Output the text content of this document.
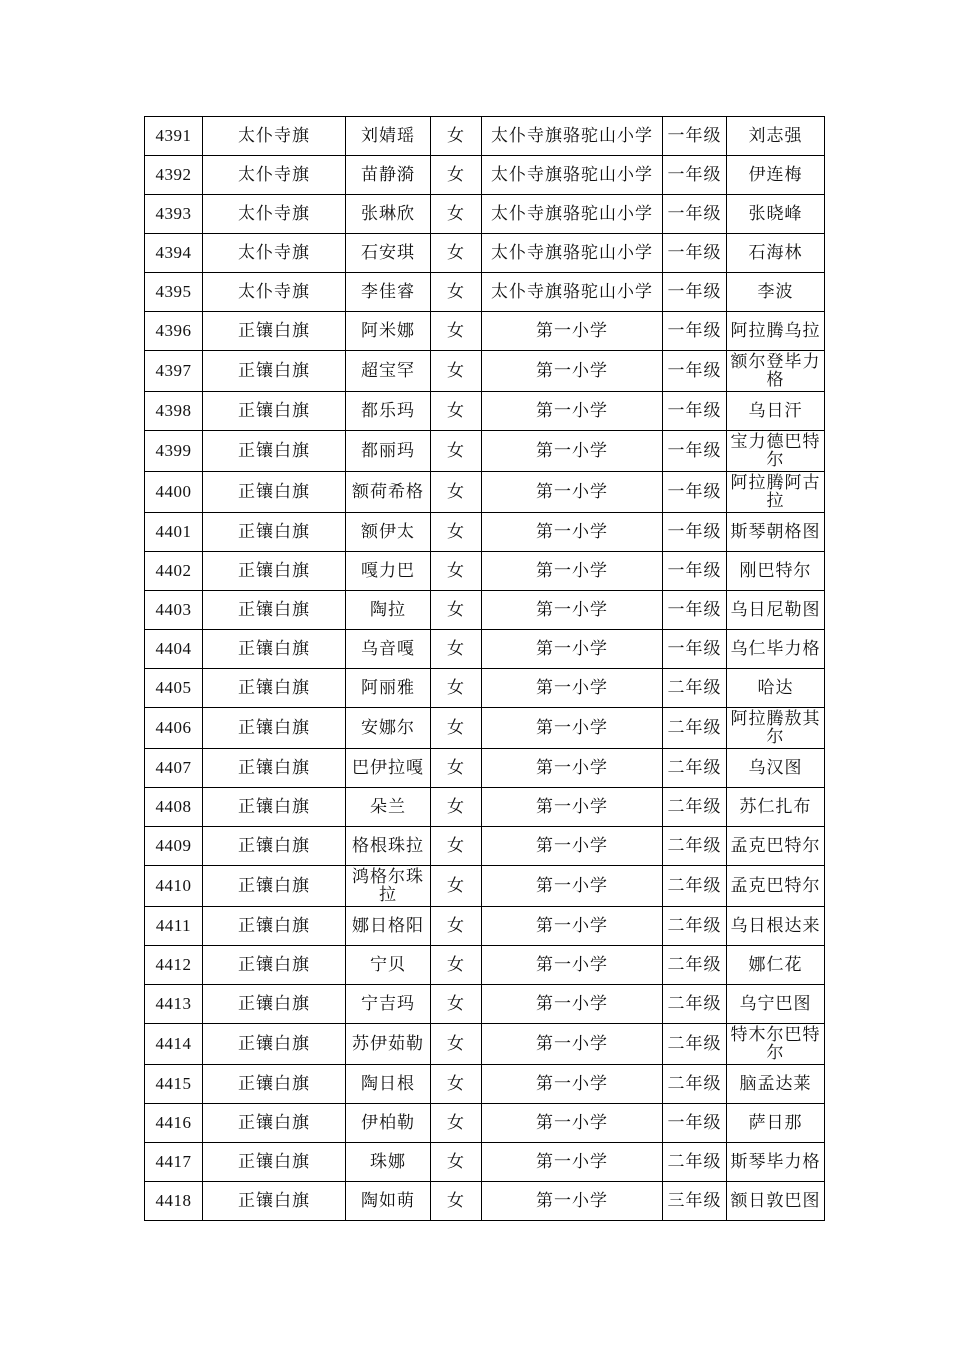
4391	太仆寺旗	刘婧瑶	女	太仆寺旗骆驼山小学	一年级	刘志强
4392	太仆寺旗	苗静漪	女	太仆寺旗骆驼山小学	一年级	伊连梅
4393	太仆寺旗	张琳欣	女	太仆寺旗骆驼山小学	一年级	张晓峰
4394	太仆寺旗	石安琪	女	太仆寺旗骆驼山小学	一年级	石海林
4395	太仆寺旗	李佳睿	女	太仆寺旗骆驼山小学	一年级	李波
4396	正镶白旗	阿米娜	女	第一小学	一年级	阿拉腾乌拉
4397	正镶白旗	超宝罕	女	第一小学	一年级	额尔登毕力格
4398	正镶白旗	都乐玛	女	第一小学	一年级	乌日汗
4399	正镶白旗	都丽玛	女	第一小学	一年级	宝力德巴特尔
4400	正镶白旗	额荷希格	女	第一小学	一年级	阿拉腾阿古拉
4401	正镶白旗	额伊太	女	第一小学	一年级	斯琴朝格图
4402	正镶白旗	嘎力巴	女	第一小学	一年级	刚巴特尔
4403	正镶白旗	陶拉	女	第一小学	一年级	乌日尼勒图
4404	正镶白旗	乌音嘎	女	第一小学	一年级	乌仁毕力格
4405	正镶白旗	阿丽雅	女	第一小学	二年级	哈达
4406	正镶白旗	安娜尔	女	第一小学	二年级	阿拉腾敖其尔
4407	正镶白旗	巴伊拉嘎	女	第一小学	二年级	乌汉图
4408	正镶白旗	朵兰	女	第一小学	二年级	苏仁扎布
4409	正镶白旗	格根珠拉	女	第一小学	二年级	孟克巴特尔
4410	正镶白旗	鸿格尔珠拉	女	第一小学	二年级	孟克巴特尔
4411	正镶白旗	娜日格阳	女	第一小学	二年级	乌日根达来
4412	正镶白旗	宁贝	女	第一小学	二年级	娜仁花
4413	正镶白旗	宁吉玛	女	第一小学	二年级	乌宁巴图
4414	正镶白旗	苏伊茹勒	女	第一小学	二年级	特木尔巴特尔
4415	正镶白旗	陶日根	女	第一小学	二年级	脑孟达莱
4416	正镶白旗	伊柏勒	女	第一小学	一年级	萨日那
4417	正镶白旗	珠娜	女	第一小学	二年级	斯琴毕力格
4418	正镶白旗	陶如萌	女	第一小学	三年级	额日敦巴图
